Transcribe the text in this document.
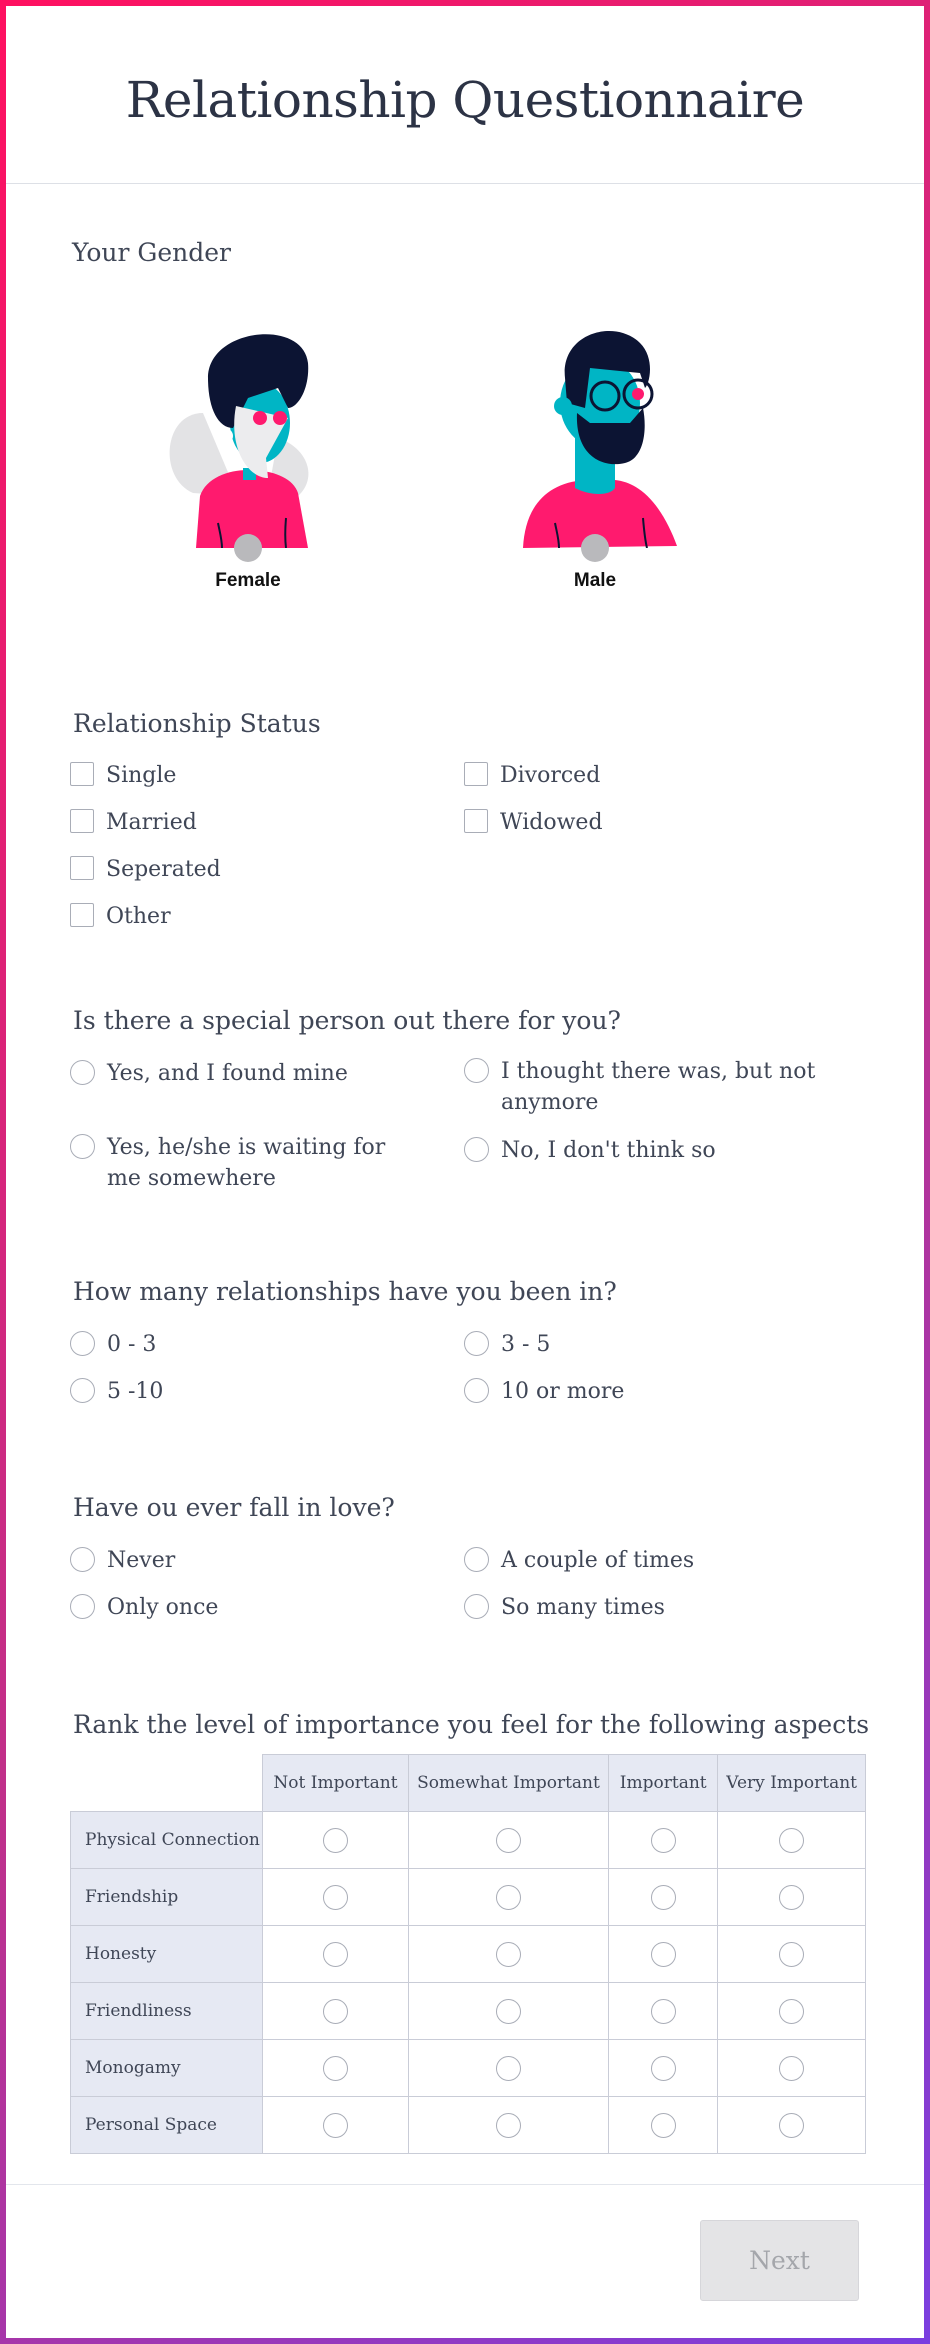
Relationship Questionnaire
Your Gender
Female	Male
Relationship Status
Single	Divorced
Married	Widowed
Seperated
Other
Is there a special person out there for you?
Yes, and I found mine	I thought there was, but not anymore
Yes, he/she is waiting for me somewhere
No, I don't think so
How many relationships have you been in?
0 - 3	3 - 5
5 -10	10 or more
Have ou ever fall in love?
Never	A couple of times
Only once	So many times
Rank the level of importance you feel for the following aspects
	Not Important	Somewhat Important	Important	Very Important
Physical Connection				
Friendship				
Honesty				
Friendliness				
Monogamy				
Personal Space				
Next
